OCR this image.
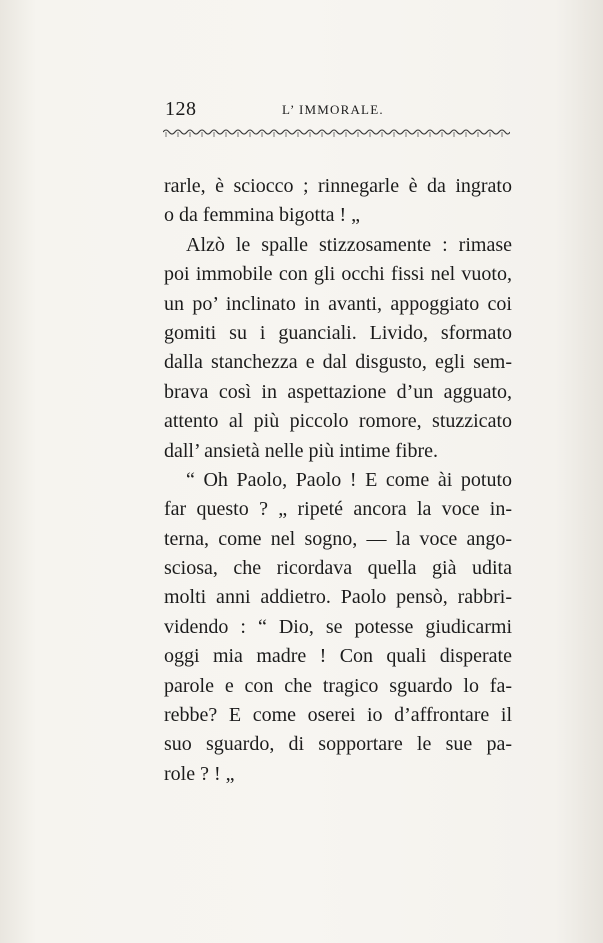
128	L’ IMMORALE.
rarle, è sciocco ; rinnegarle è da ingrato
o da femmina bigotta ! „
Alzò le spalle stizzosamente : rimase
poi immobile con gli occhi fissi nel vuoto,
un po’ inclinato in avanti, appoggiato coi
gomiti su i guanciali. Livido, sformato
dalla stanchezza e dal disgusto, egli sem-
brava così in aspettazione d’un agguato,
attento al più piccolo romore, stuzzicato
dall’ ansietà nelle più intime fibre.
“ Oh Paolo, Paolo ! E come ài potuto
far questo ? „ ripeté ancora la voce in-
terna, come nel sogno, — la voce ango-
sciosa, che ricordava quella già udita
molti anni addietro. Paolo pensò, rabbri-
videndo : “ Dio, se potesse giudicarmi
oggi mia madre ! Con quali disperate
parole e con che tragico sguardo lo fa-
rebbe? E come oserei io d’affrontare il
suo sguardo, di sopportare le sue pa-
role ? ! „
